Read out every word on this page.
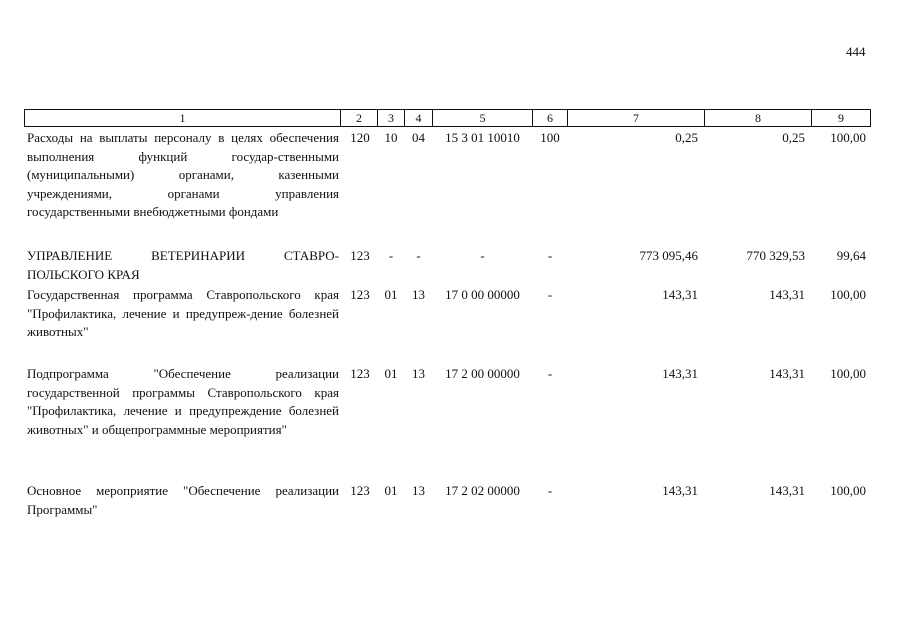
444
1	2	3	4	5	6	7	8	9
Расходы на выплаты персоналу в целях обеспечения выполнения функций государ-ственными (муниципальными) органами, казенными учреждениями, органами управления государственными внебюджетными фондами
120	10	04	15 3 01 10010	100	0,25	0,25	100,00
УПРАВЛЕНИЕ ВЕТЕРИНАРИИ СТАВРО-ПОЛЬСКОГО КРАЯ
123	-	-	-	-	773 095,46	770 329,53	99,64
Государственная программа Ставропольского края "Профилактика, лечение и предупреж-дение болезней животных"
123	01	13	17 0 00 00000	-	143,31	143,31	100,00
Подпрограмма "Обеспечение реализации государственной программы Ставропольского края "Профилактика, лечение и предупреждение болезней животных" и общепрограммные мероприятия"
123	01	13	17 2 00 00000	-	143,31	143,31	100,00
Основное мероприятие "Обеспечение реализации Программы"
123	01	13	17 2 02 00000	-	143,31	143,31	100,00
